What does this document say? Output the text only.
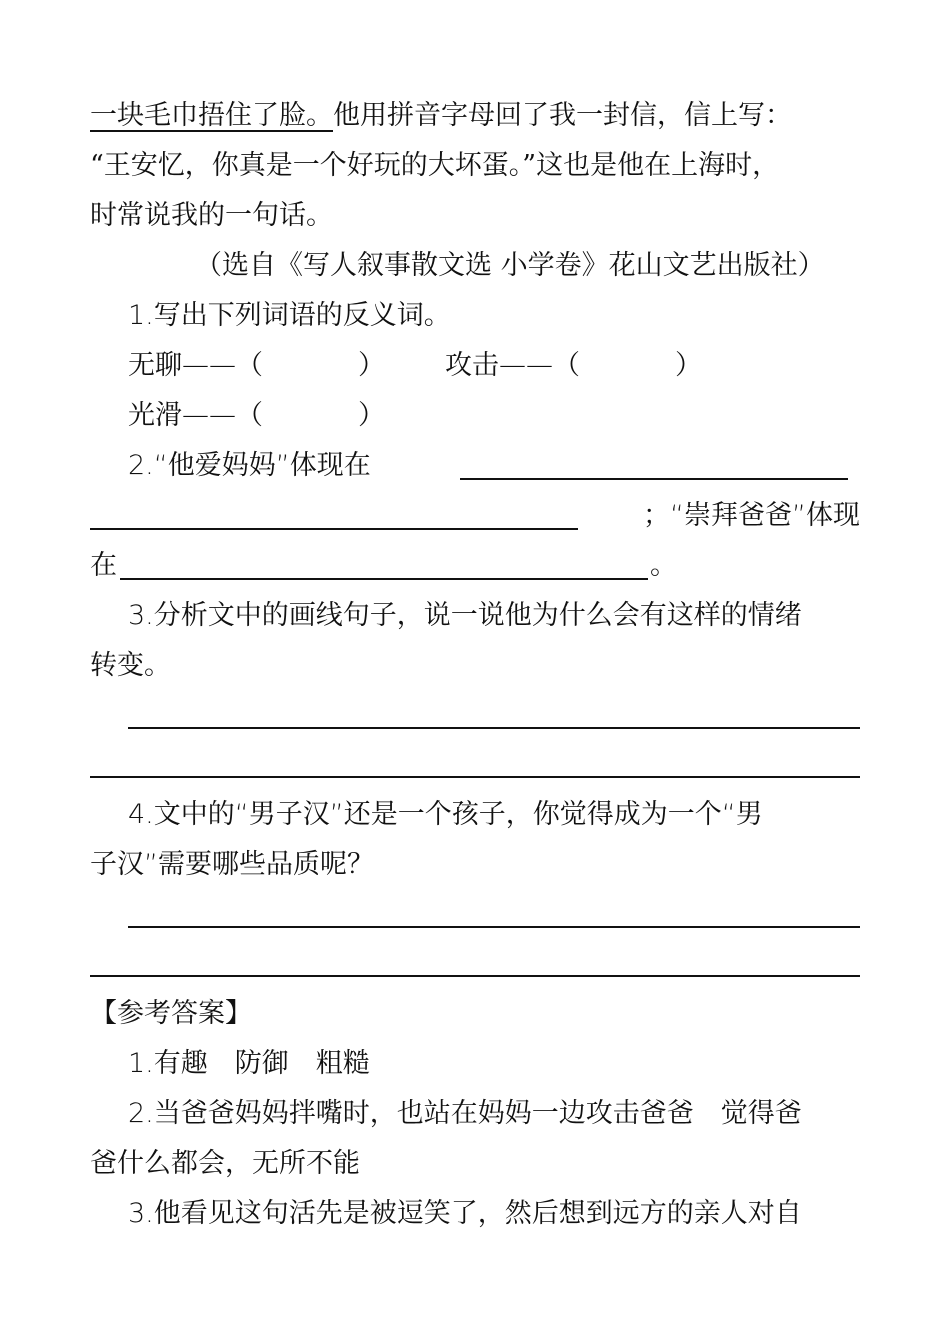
一块毛巾捂住了脸。他用拼音字母回了我一封信，信上写：
“王安忆，你真是一个好玩的大坏蛋。”这也是他在上海时，
时常说我的一句话。
（选自《写人叙事散文选 小学卷》花山文艺出版社）
1.写出下列词语的反义词。
无聊——（	）	攻击——（	）
光滑——（	）
2.“他爱妈妈”体现在
；“崇拜爸爸”体现
在	。
3.分析文中的画线句子，说一说他为什么会有这样的情绪
转变。
4.文中的“男子汉”还是一个孩子，你觉得成为一个“男
子汉”需要哪些品质呢？
【参考答案】
1.有趣　防御　粗糙
2.当爸爸妈妈拌嘴时，也站在妈妈一边攻击爸爸　觉得爸
爸什么都会，无所不能
3.他看见这句活先是被逗笑了，然后想到远方的亲人对自
